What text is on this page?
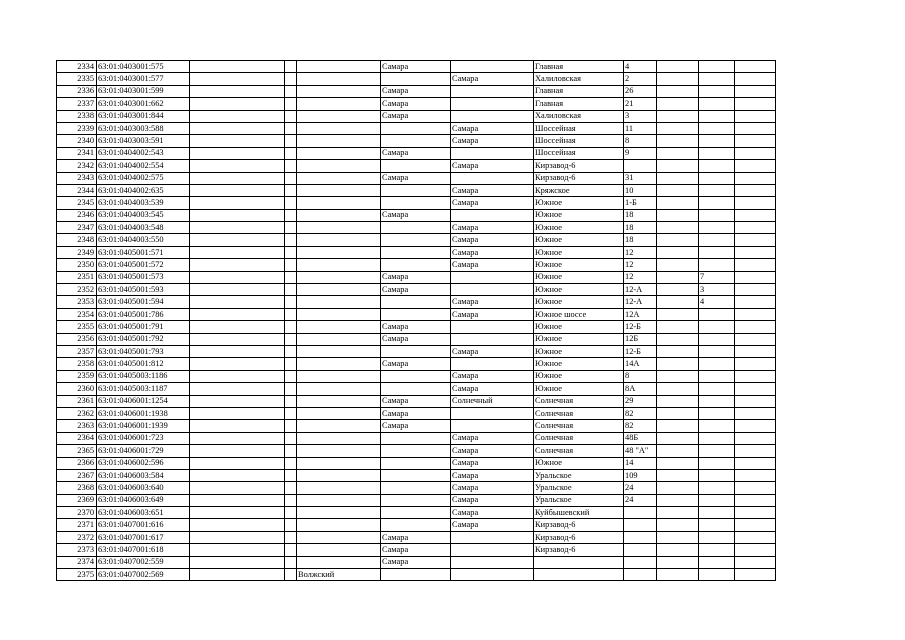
2334	63:01:0403001:575				Самара		Главная	4			
2335	63:01:0403001:577					Самара	Халиловская	2			
2336	63:01:0403001:599				Самара		Главная	26			
2337	63:01:0403001:662				Самара		Главная	21			
2338	63:01:0403001:844				Самара		Халиловская	3			
2339	63:01:0403003:588					Самара	Шоссейная	11			
2340	63:01:0403003:591					Самара	Шоссейная	8			
2341	63:01:0404002:543				Самара		Шоссейная	9			
2342	63:01:0404002:554					Самара	Кирзавод-6				
2343	63:01:0404002:575				Самара		Кирзавод-6	31			
2344	63:01:0404002:635					Самара	Кряжское	10			
2345	63:01:0404003:539					Самара	Южное	1-Б			
2346	63:01:0404003:545				Самара		Южное	18			
2347	63:01:0404003:548					Самара	Южное	18			
2348	63:01:0404003:550					Самара	Южное	18			
2349	63:01:0405001:571					Самара	Южное	12			
2350	63:01:0405001:572					Самара	Южное	12			
2351	63:01:0405001:573				Самара		Южное	12		7	
2352	63:01:0405001:593				Самара		Южное	12-А		3	
2353	63:01:0405001:594					Самара	Южное	12-А		4	
2354	63:01:0405001:786					Самара	Южное шоссе	12А			
2355	63:01:0405001:791				Самара		Южное	12-Б			
2356	63:01:0405001:792				Самара		Южное	12Б			
2357	63:01:0405001:793					Самара	Южное	12-Б			
2358	63:01:0405001:812				Самара		Южное	14А			
2359	63:01:0405003:1186					Самара	Южное	8			
2360	63:01:0405003:1187					Самара	Южное	8А			
2361	63:01:0406001:1254				Самара	Солнечный	Солнечная	29			
2362	63:01:0406001:1938				Самара		Солнечная	82			
2363	63:01:0406001:1939				Самара		Солнечная	82			
2364	63:01:0406001:723					Самара	Солнечная	48Б			
2365	63:01:0406001:729					Самара	Солнечная	48 "А"			
2366	63:01:0406002:596					Самара	Южное	14			
2367	63:01:0406003:584					Самара	Уральское	109			
2368	63:01:0406003:640					Самара	Уральское	24			
2369	63:01:0406003:649					Самара	Уральское	24			
2370	63:01:0406003:651					Самара	Куйбышевский				
2371	63:01:0407001:616					Самара	Кирзавод-6				
2372	63:01:0407001:617				Самара		Кирзавод-6				
2373	63:01:0407001:618				Самара		Кирзавод-6				
2374	63:01:0407002:559				Самара						
2375	63:01:0407002:569			Волжский							
